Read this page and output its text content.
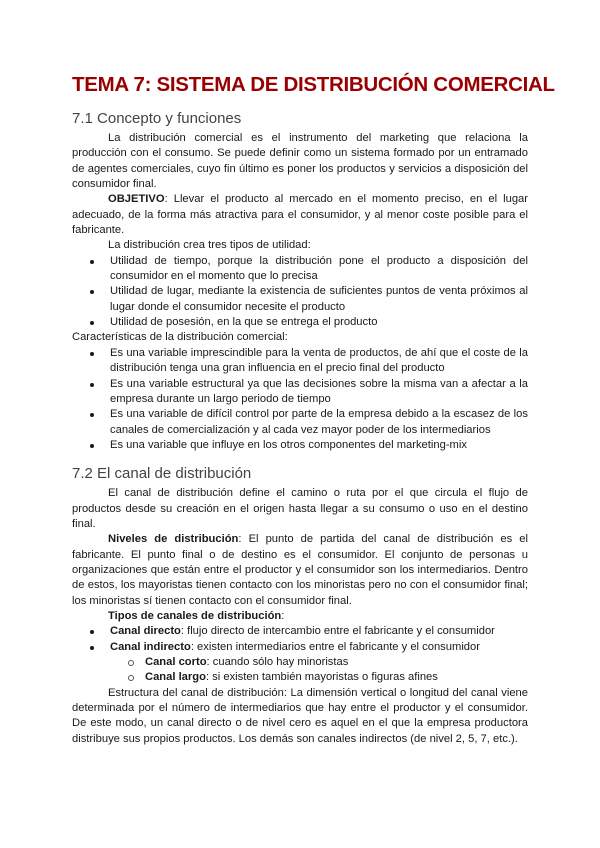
TEMA 7: SISTEMA DE DISTRIBUCIÓN COMERCIAL
7.1 Concepto y funciones

La distribución comercial es el instrumento del marketing que relaciona la producción con el consumo. Se puede definir como un sistema formado por un entramado de agentes comerciales, cuyo fin último es poner los productos y servicios a disposición del consumidor final.

OBJETIVO: Llevar el producto al mercado en el momento preciso, en el lugar adecuado, de la forma más atractiva para el consumidor, y al menor coste posible para el fabricante.

La distribución crea tres tipos de utilidad:

Utilidad de tiempo, porque la distribución pone el producto a disposición del consumidor en el momento que lo precisa
Utilidad de lugar, mediante la existencia de suficientes puntos de venta próximos al lugar donde el consumidor necesite el producto
Utilidad de posesión, en la que se entrega el producto

Características de la distribución comercial:

Es una variable imprescindible para la venta de productos, de ahí que el coste de la distribución tenga una gran influencia en el precio final del producto
Es una variable estructural ya que las decisiones sobre la misma van a afectar a la empresa durante un largo periodo de tiempo
Es una variable de difícil control por parte de la empresa debido a la escasez de los canales de comercialización y al cada vez mayor poder de los intermediarios
Es una variable que influye en los otros componentes del marketing-mix
7.2 El canal de distribución

El canal de distribución define el camino o ruta por el que circula el flujo de productos desde su creación en el origen hasta llegar a su consumo o uso en el destino final.

Niveles de distribución: El punto de partida del canal de distribución es el fabricante. El punto final o de destino es el consumidor. El conjunto de personas u organizaciones que están entre el productor y el consumidor son los intermediarios. Dentro de estos, los mayoristas tienen contacto con los minoristas pero no con el consumidor final; los minoristas sí tienen contacto con el consumidor final.

Tipos de canales de distribución:

Canal directo: flujo directo de intercambio entre el fabricante y el consumidor
Canal indirecto: existen intermediarios entre el fabricante y el consumidor
Canal corto: cuando sólo hay minoristas
Canal largo: si existen también mayoristas o figuras afines

Estructura del canal de distribución: La dimensión vertical o longitud del canal viene determinada por el número de intermediarios que hay entre el productor y el consumidor. De este modo, un canal directo o de nivel cero es aquel en el que la empresa productora distribuye sus propios productos. Los demás son canales indirectos (de nivel 2, 5, 7, etc.).
